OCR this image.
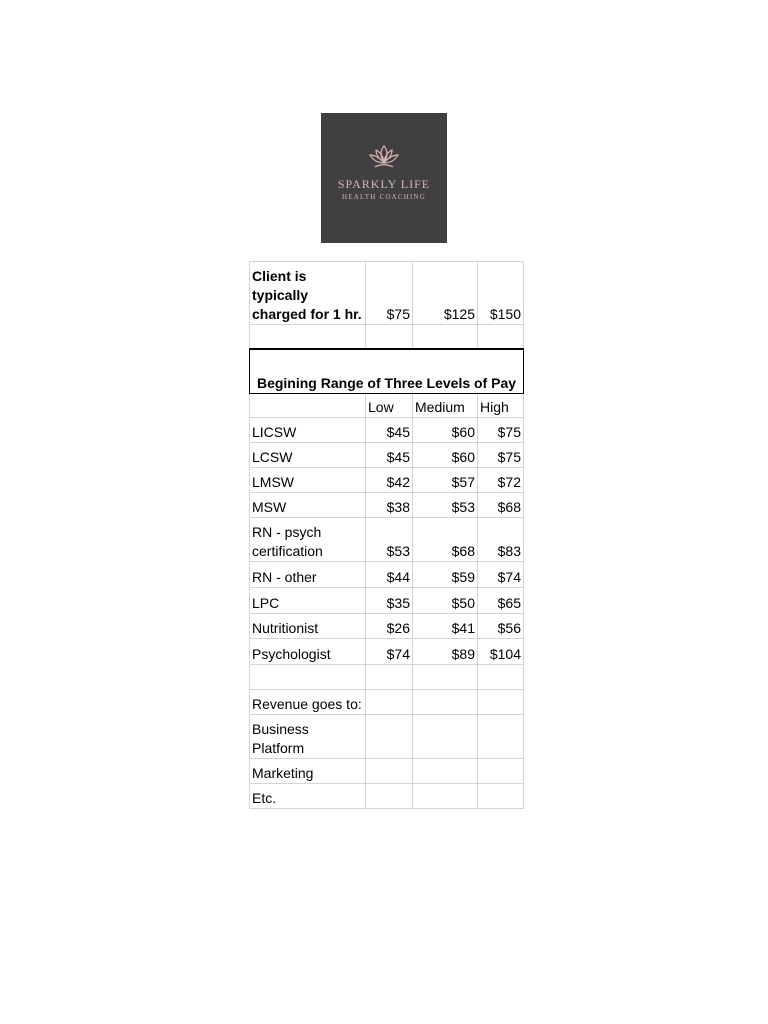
SPARKLY LIFE
HEALTH COACHING
Client is typically charged for 1 hr.	$75	$125	$150

Begining Range of Three Levels of Pay			
	Low	Medium	High
LICSW	$45	$60	$75
LCSW	$45	$60	$75
LMSW	$42	$57	$72
MSW	$38	$53	$68
RN - psych certification	$53	$68	$83
RN - other	$44	$59	$74
LPC	$35	$50	$65
Nutritionist	$26	$41	$56
Psychologist	$74	$89	$104

Revenue goes to:			
Business Platform			
Marketing			
Etc.			
